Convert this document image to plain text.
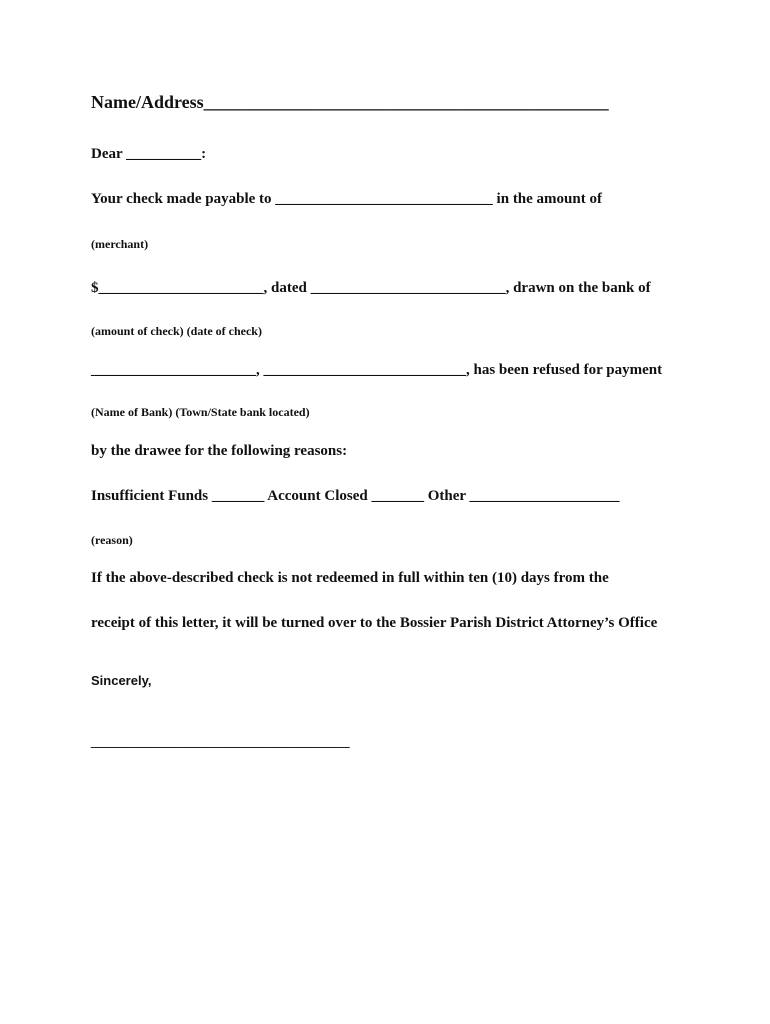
Name/Address_____________________________________________
Dear __________:
Your check made payable to _____________________________ in the amount of
(merchant)
$______________________, dated __________________________, drawn on the bank of
(amount of check) (date of check)
______________________, ___________________________, has been refused for payment
(Name of Bank) (Town/State bank located)
by the drawee for the following reasons:
Insufficient Funds _______ Account Closed _______ Other ____________________
(reason)
If the above-described check is not redeemed in full within ten (10) days from the
receipt of this letter, it will be turned over to the Bossier Parish District Attorney’s Office
Sincerely,
_______________________________
